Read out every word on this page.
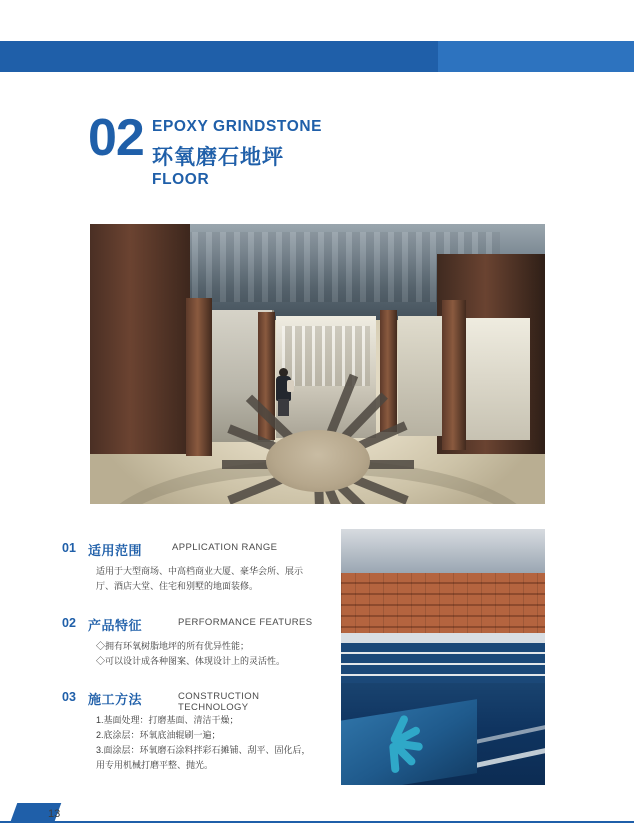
02 EPOXY GRINDSTONE
环氧磨石地坪
FLOOR
01 适用范围	APPLICATION RANGE

适用于大型商场、中高档商业大厦、豪华会所、展示

厅、酒店大堂、住宅和别墅的地面装修。

02 产品特征	PERFORMANCE FEATURES

◇拥有环氧树脂地坪的所有优异性能；

◇可以设计成各种图案、体现设计上的灵活性。

03 施工方法	CONSTRUCTION TECHNOLOGY

1.基面处理：打磨基面、清洁干燥；

2.底涂层：环氧底油辊刷一遍；

3.面涂层：环氧磨石涂料拌彩石摊铺、刮平、固化后，

用专用机械打磨平整、抛光。

13
